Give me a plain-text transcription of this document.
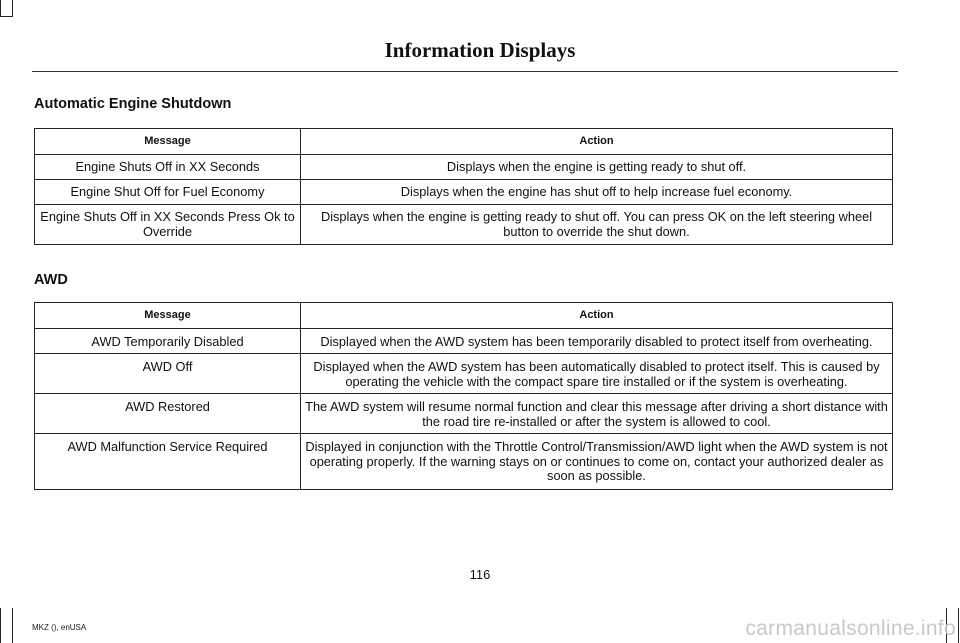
Information Displays
Automatic Engine Shutdown
Message	Action
Engine Shuts Off in XX Seconds	Displays when the engine is getting ready to shut off.
Engine Shut Off for Fuel Economy	Displays when the engine has shut off to help increase fuel economy.
Engine Shuts Off in XX Seconds Press Ok to Override	Displays when the engine is getting ready to shut off. You can press OK on the left steering wheel button to override the shut down.
AWD
Message	Action
AWD Temporarily Disabled	Displayed when the AWD system has been temporarily disabled to protect itself from overheating.
AWD Off	Displayed when the AWD system has been automatically disabled to protect itself. This is caused by operating the vehicle with the compact spare tire installed or if the system is overheating.
AWD Restored	The AWD system will resume normal function and clear this message after driving a short distance with the road tire re-installed or after the system is allowed to cool.
AWD Malfunction Service Required	Displayed in conjunction with the Throttle Control/Transmission/AWD light when the AWD system is not operating properly. If the warning stays on or continues to come on, contact your authorized dealer as soon as possible.
116
MKZ (), enUSA	carmanualsonline.info
